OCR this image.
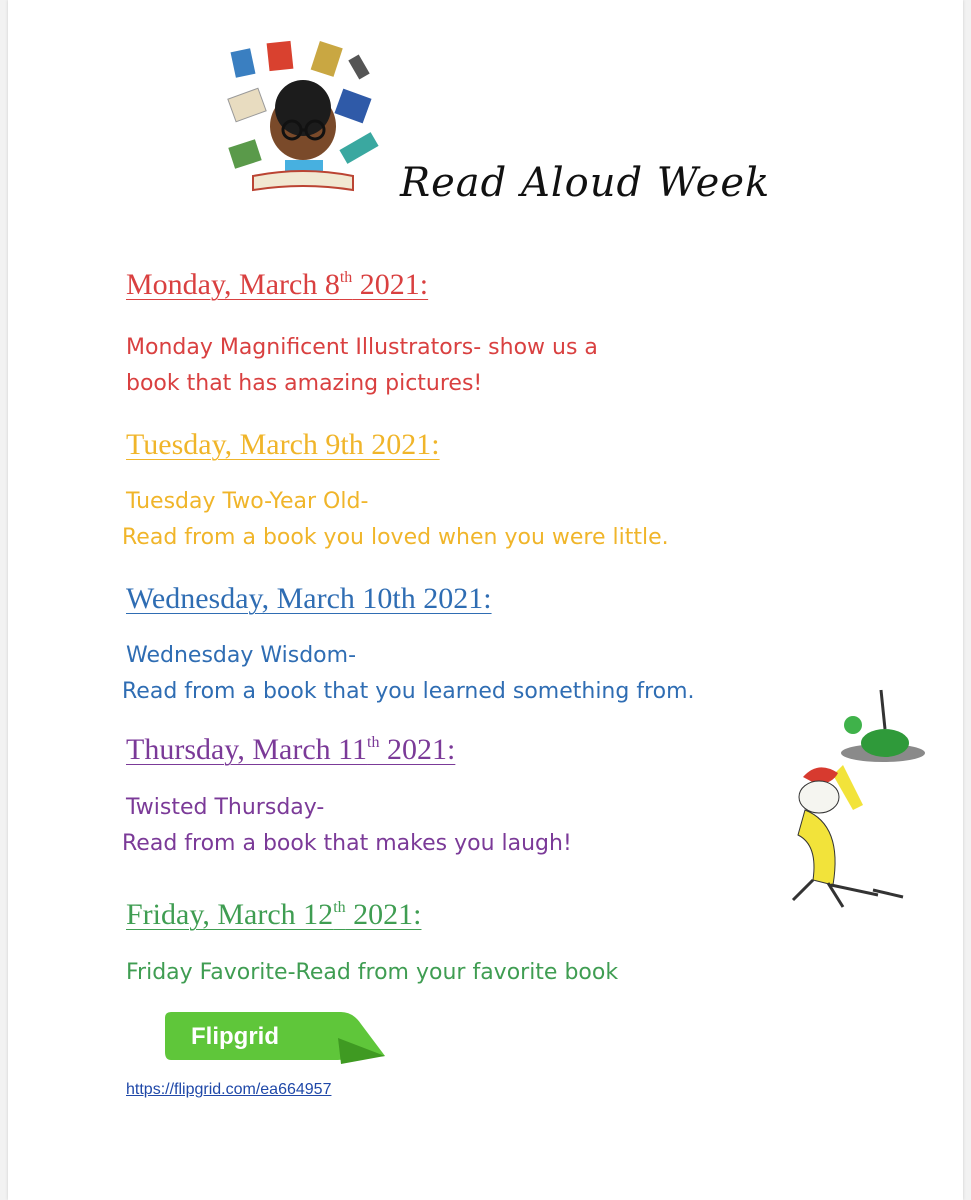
Read Aloud Week
Monday, March 8th 2021:
Monday Magnificent Illustrators- show us a
book that has amazing pictures!
Tuesday, March 9th 2021:
Tuesday Two-Year Old-
Read from a book you loved when you were little.
Wednesday, March 10th 2021:
Wednesday Wisdom-
Read from a book that you learned something from.
Thursday, March 11th 2021:
Twisted Thursday-
Read from a book that makes you laugh!
Friday, March 12th 2021:
Friday Favorite-Read from your favorite book
Flipgrid
https://flipgrid.com/ea664957
